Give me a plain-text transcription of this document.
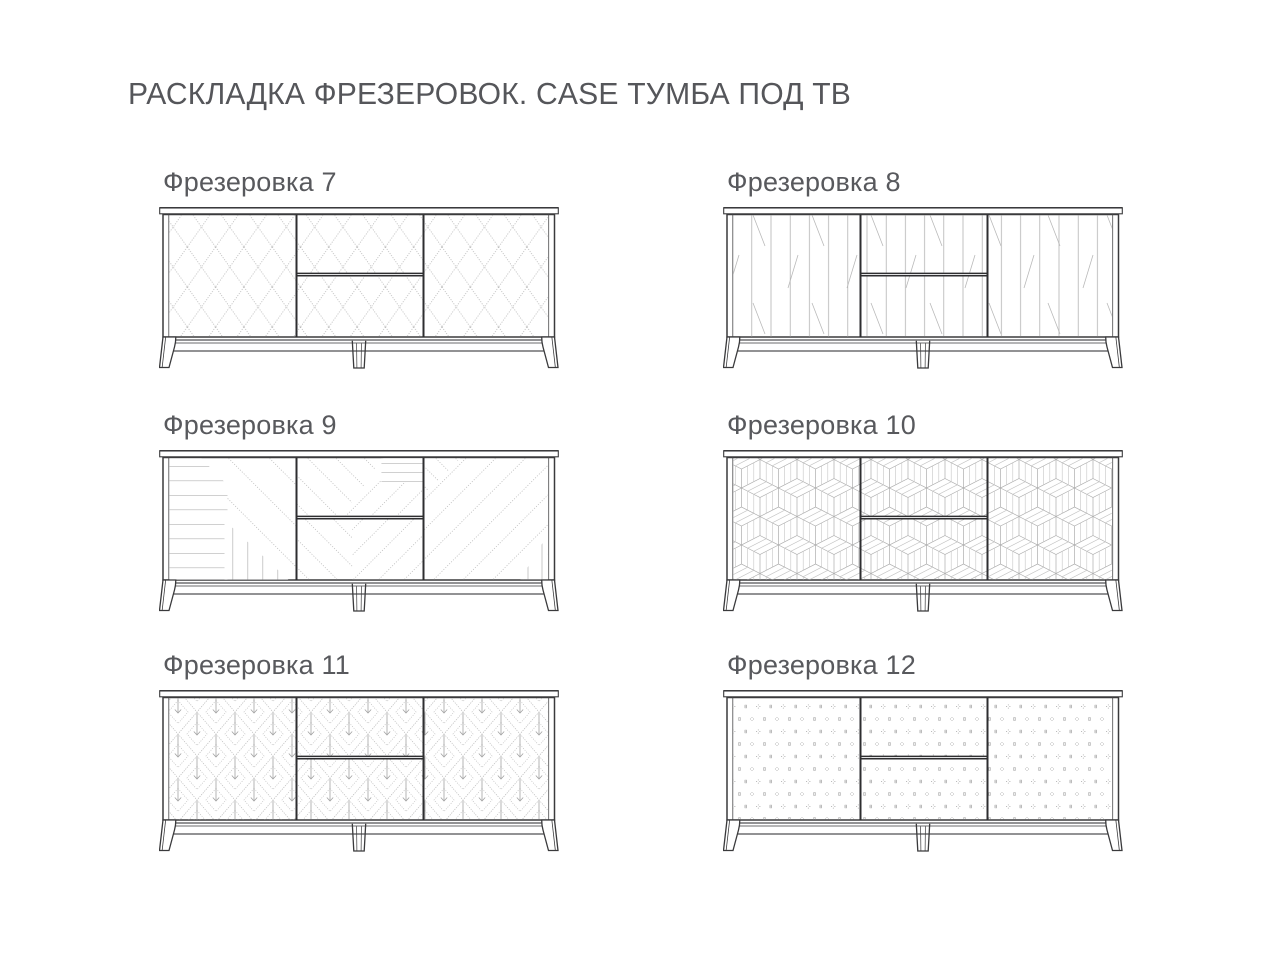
РАСКЛАДКА ФРЕЗЕРОВОК. CASE ТУМБА ПОД ТВ
Фрезеровка 7	Фрезеровка 8
Фрезеровка 9	Фрезеровка 10
Фрезеровка 11	Фрезеровка 12
